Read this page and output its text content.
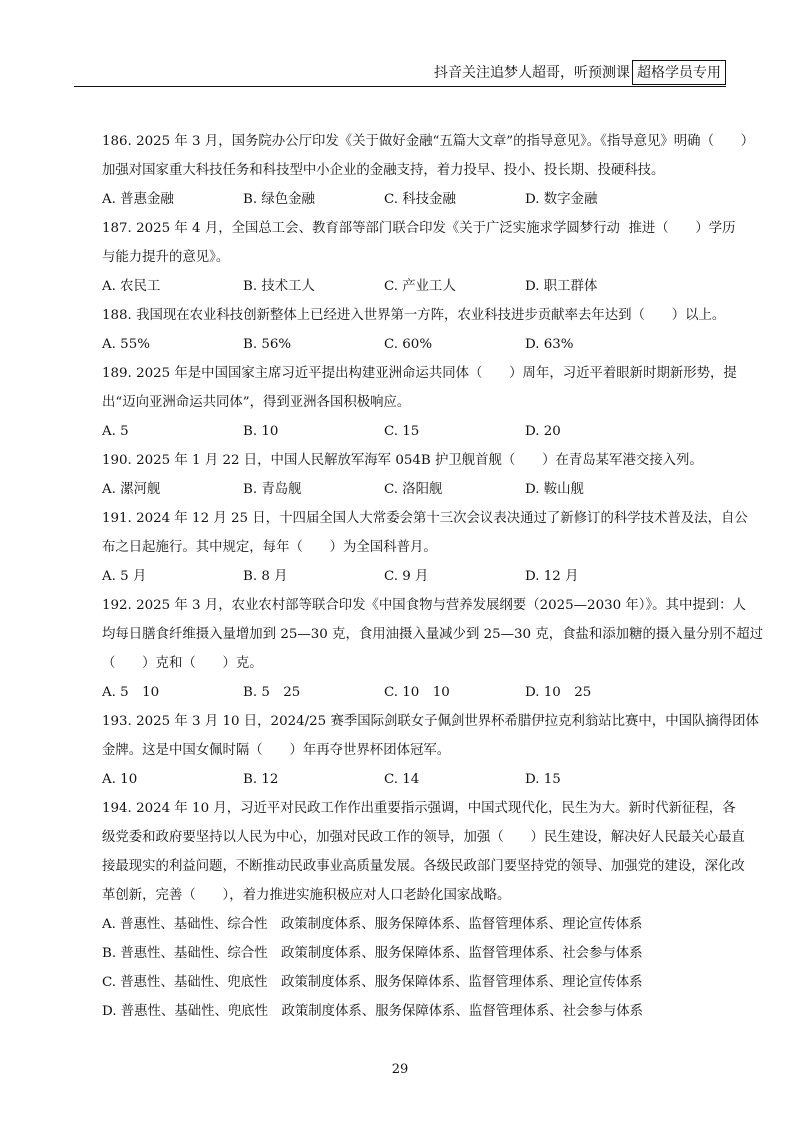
抖音关注追梦人超哥，听预测课 超格学员专用
186. 2025 年 3 月，国务院办公厅印发《关于做好金融“五篇大文章”的指导意见》。《指导意见》明确（　　）
加强对国家重大科技任务和科技型中小企业的金融支持，着力投早、投小、投长期、投硬科技。
A. 普惠金融	B. 绿色金融	C. 科技金融	D. 数字金融
187. 2025 年 4 月，全国总工会、教育部等部门联合印发《关于广泛实施求学圆梦行动  推进（　　）学历
与能力提升的意见》。
A. 农民工	B. 技术工人	C. 产业工人	D. 职工群体
188. 我国现在农业科技创新整体上已经进入世界第一方阵，农业科技进步贡献率去年达到（　　）以上。
A. 55%	B. 56%	C. 60%	D. 63%
189. 2025 年是中国国家主席习近平提出构建亚洲命运共同体（　　）周年，习近平着眼新时期新形势，提
出“迈向亚洲命运共同体”，得到亚洲各国积极响应。
A. 5	B. 10	C. 15	D. 20
190. 2025 年 1 月 22 日，中国人民解放军海军 054B 护卫舰首舰（　　）在青岛某军港交接入列。
A. 漯河舰	B. 青岛舰	C. 洛阳舰	D. 鞍山舰
191. 2024 年 12 月 25 日，十四届全国人大常委会第十三次会议表决通过了新修订的科学技术普及法，自公
布之日起施行。其中规定，每年（　　）为全国科普月。
A. 5 月	B. 8 月	C. 9 月	D. 12 月
192. 2025 年 3 月，农业农村部等联合印发《中国食物与营养发展纲要（2025—2030 年）》。其中提到：人
均每日膳食纤维摄入量增加到 25—30 克，食用油摄入量减少到 25—30 克，食盐和添加糖的摄入量分别不超过
（　　）克和（　　）克。
A. 5　10	B. 5　25	C. 10　10	D. 10　25
193. 2025 年 3 月 10 日，2024/25 赛季国际剑联女子佩剑世界杯希腊伊拉克利翁站比赛中，中国队摘得团体
金牌。这是中国女佩时隔（　　）年再夺世界杯团体冠军。
A. 10	B. 12	C. 14	D. 15
194. 2024 年 10 月，习近平对民政工作作出重要指示强调，中国式现代化，民生为大。新时代新征程，各
级党委和政府要坚持以人民为中心，加强对民政工作的领导，加强（　　）民生建设，解决好人民最关心最直
接最现实的利益问题，不断推动民政事业高质量发展。各级民政部门要坚持党的领导、加强党的建设，深化改
革创新，完善（　　），着力推进实施积极应对人口老龄化国家战略。
A. 普惠性、基础性、综合性　政策制度体系、服务保障体系、监督管理体系、理论宣传体系
B. 普惠性、基础性、综合性　政策制度体系、服务保障体系、监督管理体系、社会参与体系
C. 普惠性、基础性、兜底性　政策制度体系、服务保障体系、监督管理体系、理论宣传体系
D. 普惠性、基础性、兜底性　政策制度体系、服务保障体系、监督管理体系、社会参与体系
29
